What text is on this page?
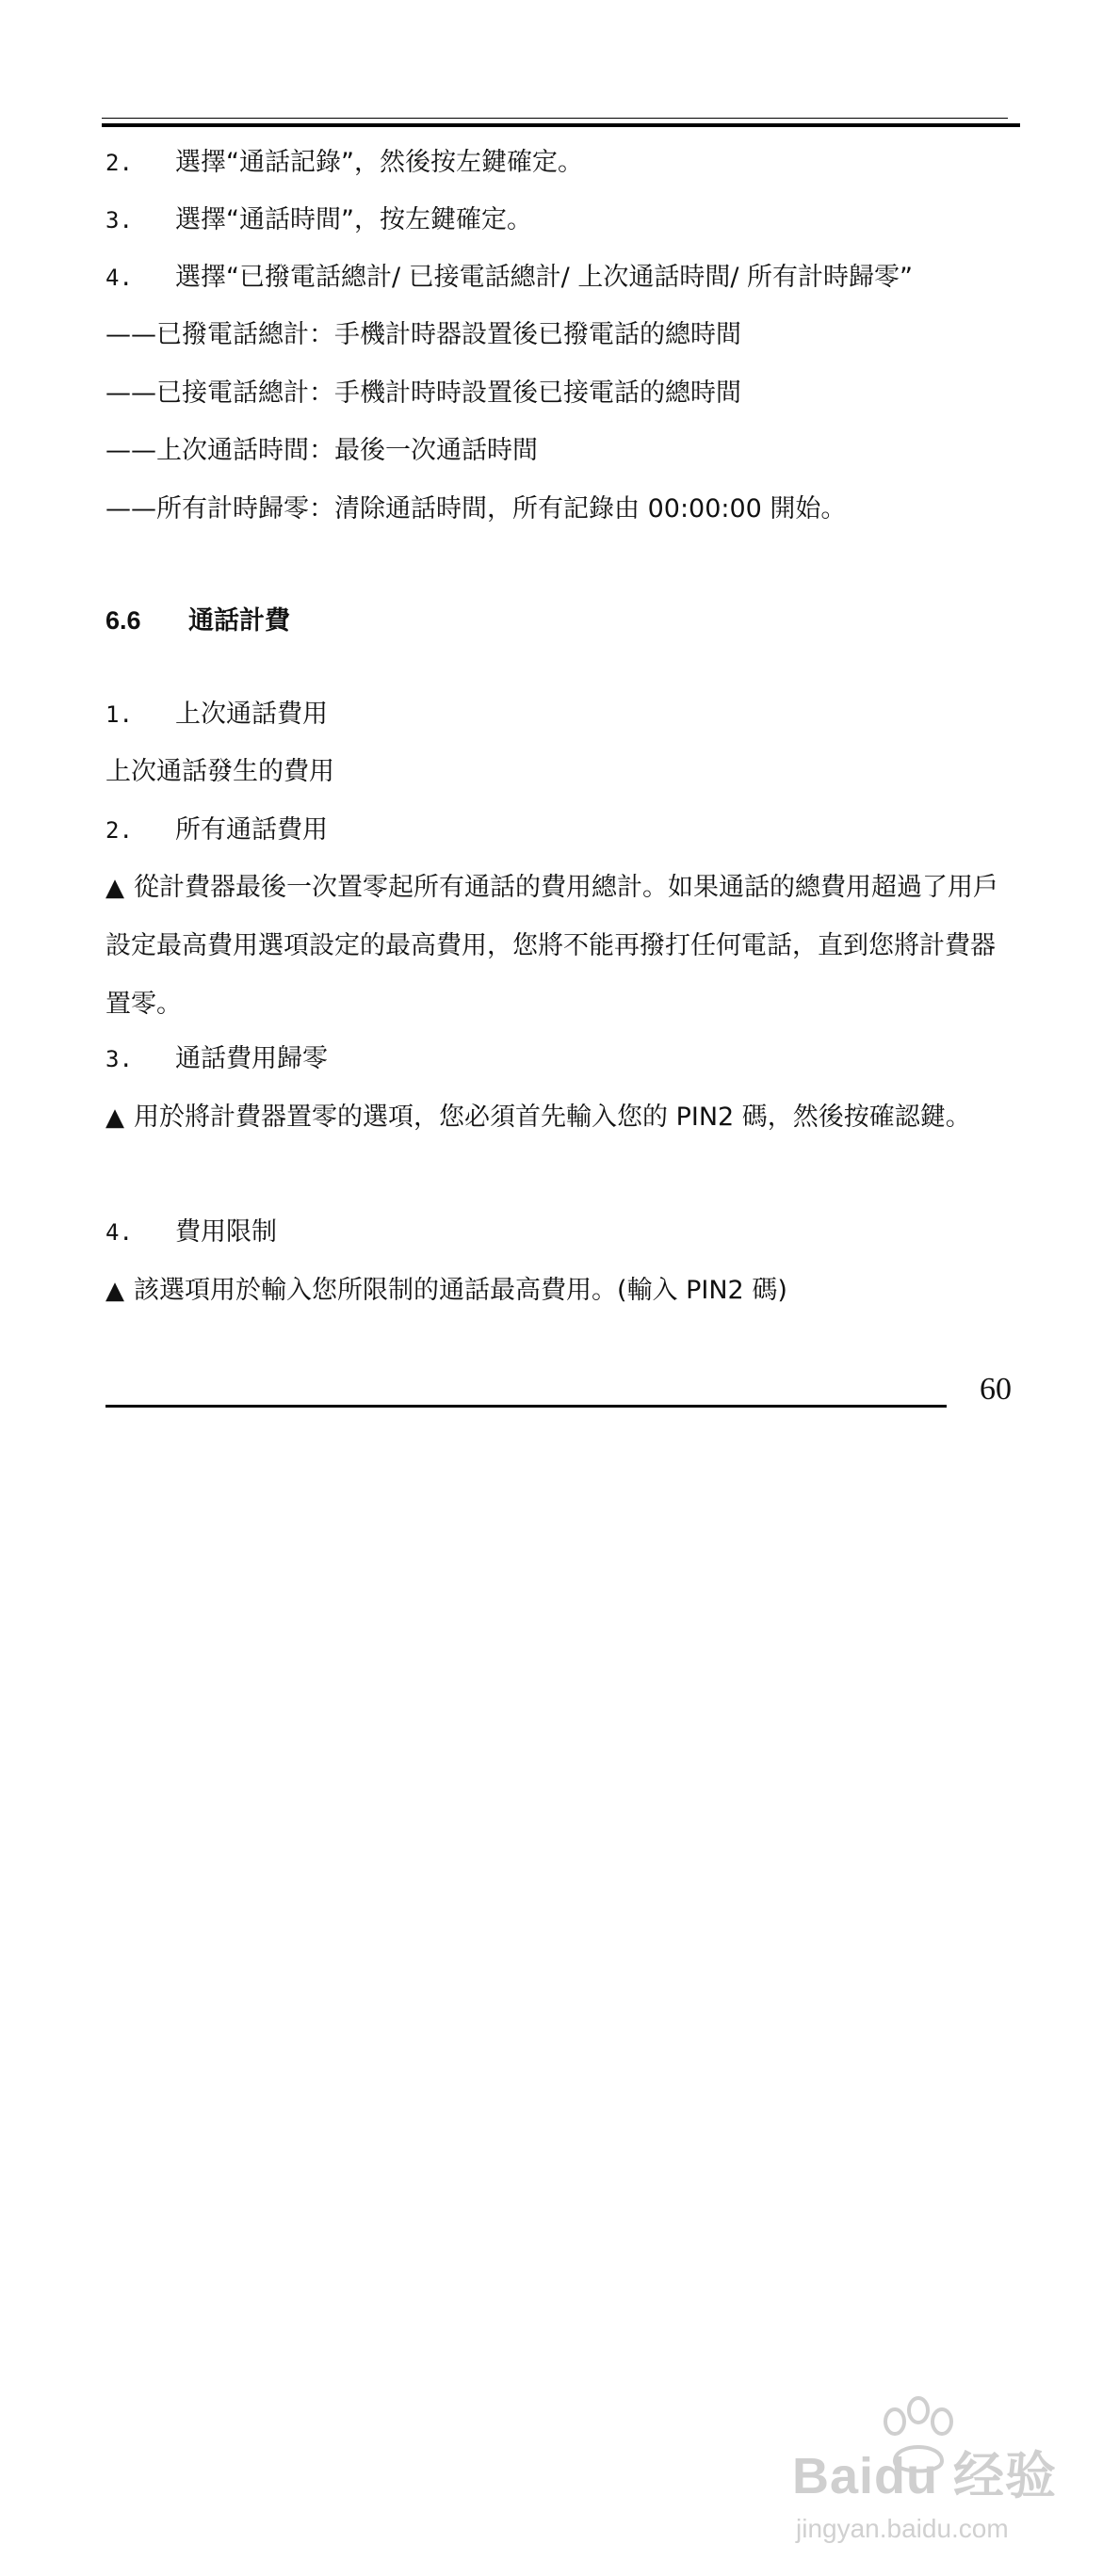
2. 選擇“通話記錄”，然後按左鍵確定。
3. 選擇“通話時間”，按左鍵確定。
4. 選擇“已撥電話總計/ 已接電話總計/ 上次通話時間/ 所有計時歸零”
——已撥電話總計：手機計時器設置後已撥電話的總時間
——已接電話總計：手機計時時設置後已接電話的總時間
——上次通話時間：最後一次通話時間
——所有計時歸零：清除通話時間，所有記錄由 00:00:00 開始。
6.6 通話計費
1. 上次通話費用
上次通話發生的費用
2. 所有通話費用
▲ 從計費器最後一次置零起所有通話的費用總計。如果通話的總費用超過了用戶設定最高費用選項設定的最高費用，您將不能再撥打任何電話，直到您將計費器置零。
3. 通話費用歸零
▲ 用於將計費器置零的選項，您必須首先輸入您的 PIN2 碼，然後按確認鍵。
4. 費用限制
▲ 該選項用於輸入您所限制的通話最高費用。(輸入 PIN2 碼)
60
Baidu 经验
jingyan.baidu.com
